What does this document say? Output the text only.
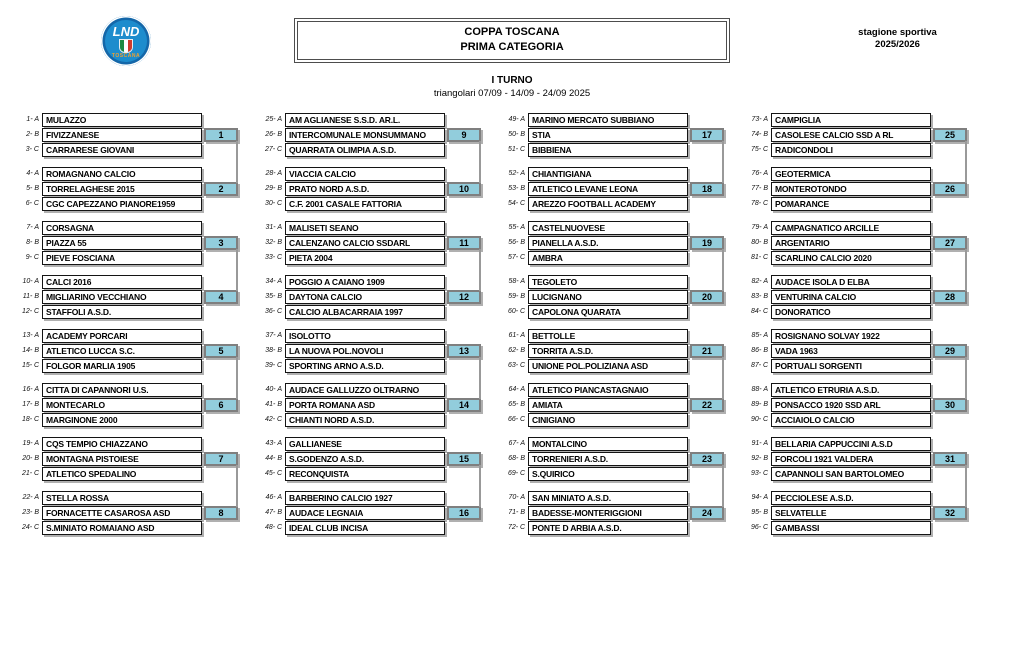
LND
TOSCANA
COPPA TOSCANA
PRIMA CATEGORIA
stagione sportiva
2025/2026
I TURNO
triangolari 07/09 - 14/09 - 24/09 2025
1- A MULAZZO
2- B FIVIZZANESE	1
3- C CARRARESE GIOVANI
4- A ROMAGNANO CALCIO
5- B TORRELAGHESE 2015	2
6- C CGC CAPEZZANO PIANORE1959
7- A CORSAGNA
8- B PIAZZA 55	3
9- C PIEVE FOSCIANA
10- A CALCI 2016
11- B MIGLIARINO VECCHIANO	4
12- C STAFFOLI A.S.D.
13- A ACADEMY PORCARI
14- B ATLETICO LUCCA S.C.	5
15- C FOLGOR MARLIA 1905
16- A CITTA DI CAPANNORI U.S.
17- B MONTECARLO	6
18- C MARGINONE 2000
19- A CQS TEMPIO CHIAZZANO
20- B MONTAGNA PISTOIESE	7
21- C ATLETICO SPEDALINO
22- A STELLA ROSSA
23- B FORNACETTE CASAROSA ASD	8
24- C S.MINIATO ROMAIANO ASD
25- A AM AGLIANESE S.S.D. AR.L.
26- B INTERCOMUNALE MONSUMMANO	9
27- C QUARRATA OLIMPIA A.S.D.
28- A VIACCIA CALCIO
29- B PRATO NORD A.S.D.	10
30- C C.F. 2001 CASALE FATTORIA
31- A MALISETI SEANO
32- B CALENZANO CALCIO SSDARL	11
33- C PIETA 2004
34- A POGGIO A CAIANO 1909
35- B DAYTONA CALCIO	12
36- C CALCIO ALBACARRAIA 1997
37- A ISOLOTTO
38- B LA NUOVA POL.NOVOLI	13
39- C SPORTING ARNO A.S.D.
40- A AUDACE GALLUZZO OLTRARNO
41- B PORTA ROMANA ASD	14
42- C CHIANTI NORD A.S.D.
43- A GALLIANESE
44- B S.GODENZO A.S.D.	15
45- C RECONQUISTA
46- A BARBERINO CALCIO 1927
47- B AUDACE LEGNAIA	16
48- C IDEAL CLUB INCISA
49- A MARINO MERCATO SUBBIANO
50- B STIA	17
51- C BIBBIENA
52- A CHIANTIGIANA
53- B ATLETICO LEVANE LEONA	18
54- C AREZZO FOOTBALL ACADEMY
55- A CASTELNUOVESE
56- B PIANELLA A.S.D.	19
57- C AMBRA
58- A TEGOLETO
59- B LUCIGNANO	20
60- C CAPOLONA QUARATA
61- A BETTOLLE
62- B TORRITA A.S.D.	21
63- C UNIONE POL.POLIZIANA ASD
64- A ATLETICO PIANCASTAGNAIO
65- B AMIATA	22
66- C CINIGIANO
67- A MONTALCINO
68- B TORRENIERI A.S.D.	23
69- C S.QUIRICO
70- A SAN MINIATO A.S.D.
71- B BADESSE-MONTERIGGIONI	24
72- C PONTE D ARBIA A.S.D.
73- A CAMPIGLIA
74- B CASOLESE CALCIO SSD A RL	25
75- C RADICONDOLI
76- A GEOTERMICA
77- B MONTEROTONDO	26
78- C POMARANCE
79- A CAMPAGNATICO ARCILLE
80- B ARGENTARIO	27
81- C SCARLINO CALCIO 2020
82- A AUDACE ISOLA D ELBA
83- B VENTURINA CALCIO	28
84- C DONORATICO
85- A ROSIGNANO SOLVAY 1922
86- B VADA 1963	29
87- C PORTUALI SORGENTI
88- A ATLETICO ETRURIA A.S.D.
89- B PONSACCO 1920 SSD ARL	30
90- C ACCIAIOLO CALCIO
91- A BELLARIA CAPPUCCINI A.S.D
92- B FORCOLI 1921 VALDERA	31
93- C CAPANNOLI SAN BARTOLOMEO
94- A PECCIOLESE A.S.D.
95- B SELVATELLE	32
96- C GAMBASSI
